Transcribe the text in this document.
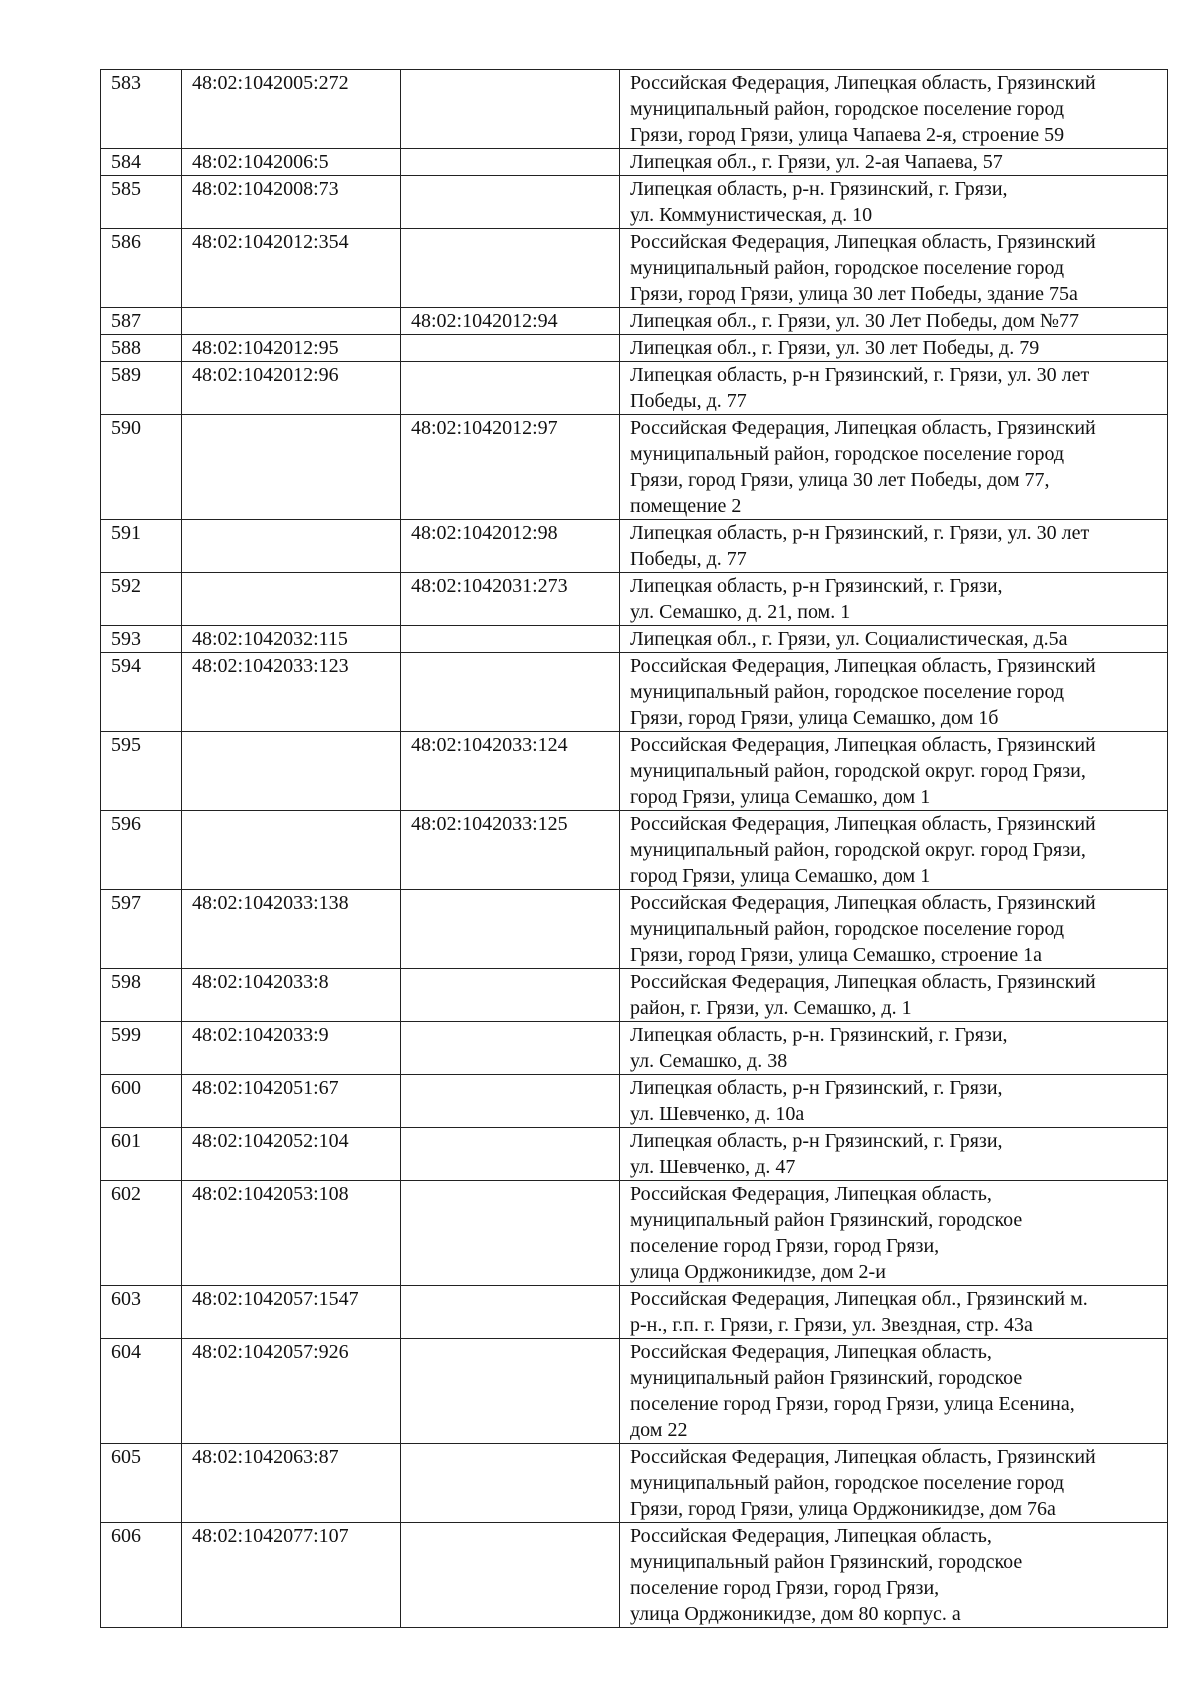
583	48:02:1042005:272		Российская Федерация, Липецкая область, Грязинский
муниципальный район, городское поселение город
Грязи, город Грязи, улица Чапаева 2-я, строение 59

584	48:02:1042006:5		Липецкая обл., г. Грязи, ул. 2-ая Чапаева, 57

585	48:02:1042008:73		Липецкая область, р-н. Грязинский, г. Грязи,
ул. Коммунистическая, д. 10

586	48:02:1042012:354		Российская Федерация, Липецкая область, Грязинский
муниципальный район, городское поселение город
Грязи, город Грязи, улица 30 лет Победы, здание 75а

587		48:02:1042012:94	Липецкая обл., г. Грязи, ул. 30 Лет Победы, дом №77

588	48:02:1042012:95		Липецкая обл., г. Грязи, ул. 30 лет Победы, д. 79

589	48:02:1042012:96		Липецкая область, р-н Грязинский, г. Грязи, ул. 30 лет
Победы, д. 77

590		48:02:1042012:97	Российская Федерация, Липецкая область, Грязинский
муниципальный район, городское поселение город
Грязи, город Грязи, улица 30 лет Победы, дом 77,
помещение 2

591		48:02:1042012:98	Липецкая область, р-н Грязинский, г. Грязи, ул. 30 лет
Победы, д. 77

592		48:02:1042031:273	Липецкая область, р-н Грязинский, г. Грязи,
ул. Семашко, д. 21, пом. 1

593	48:02:1042032:115		Липецкая обл., г. Грязи, ул. Социалистическая, д.5а

594	48:02:1042033:123		Российская Федерация, Липецкая область, Грязинский
муниципальный район, городское поселение город
Грязи, город Грязи, улица Семашко, дом 1б

595		48:02:1042033:124	Российская Федерация, Липецкая область, Грязинский
муниципальный район, городской округ. город Грязи,
город Грязи, улица Семашко, дом 1

596		48:02:1042033:125	Российская Федерация, Липецкая область, Грязинский
муниципальный район, городской округ. город Грязи,
город Грязи, улица Семашко, дом 1

597	48:02:1042033:138		Российская Федерация, Липецкая область, Грязинский
муниципальный район, городское поселение город
Грязи, город Грязи, улица Семашко, строение 1а

598	48:02:1042033:8		Российская Федерация, Липецкая область, Грязинский
район, г. Грязи, ул. Семашко, д. 1

599	48:02:1042033:9		Липецкая область, р-н. Грязинский, г. Грязи,
ул. Семашко, д. 38

600	48:02:1042051:67		Липецкая область, р-н Грязинский, г. Грязи,
ул. Шевченко, д. 10а

601	48:02:1042052:104		Липецкая область, р-н Грязинский, г. Грязи,
ул. Шевченко, д. 47

602	48:02:1042053:108		Российская Федерация, Липецкая область,
муниципальный район Грязинский, городское
поселение город Грязи, город Грязи,
улица Орджоникидзе, дом 2-и

603	48:02:1042057:1547		Российская Федерация, Липецкая обл., Грязинский м.
р-н., г.п. г. Грязи, г. Грязи, ул. Звездная, стр. 43а

604	48:02:1042057:926		Российская Федерация, Липецкая область,
муниципальный район Грязинский, городское
поселение город Грязи, город Грязи, улица Есенина,
дом 22

605	48:02:1042063:87		Российская Федерация, Липецкая область, Грязинский
муниципальный район, городское поселение город
Грязи, город Грязи, улица Орджоникидзе, дом 76а

606	48:02:1042077:107		Российская Федерация, Липецкая область,
муниципальный район Грязинский, городское
поселение город Грязи, город Грязи,
улица Орджоникидзе, дом 80 корпус. а
